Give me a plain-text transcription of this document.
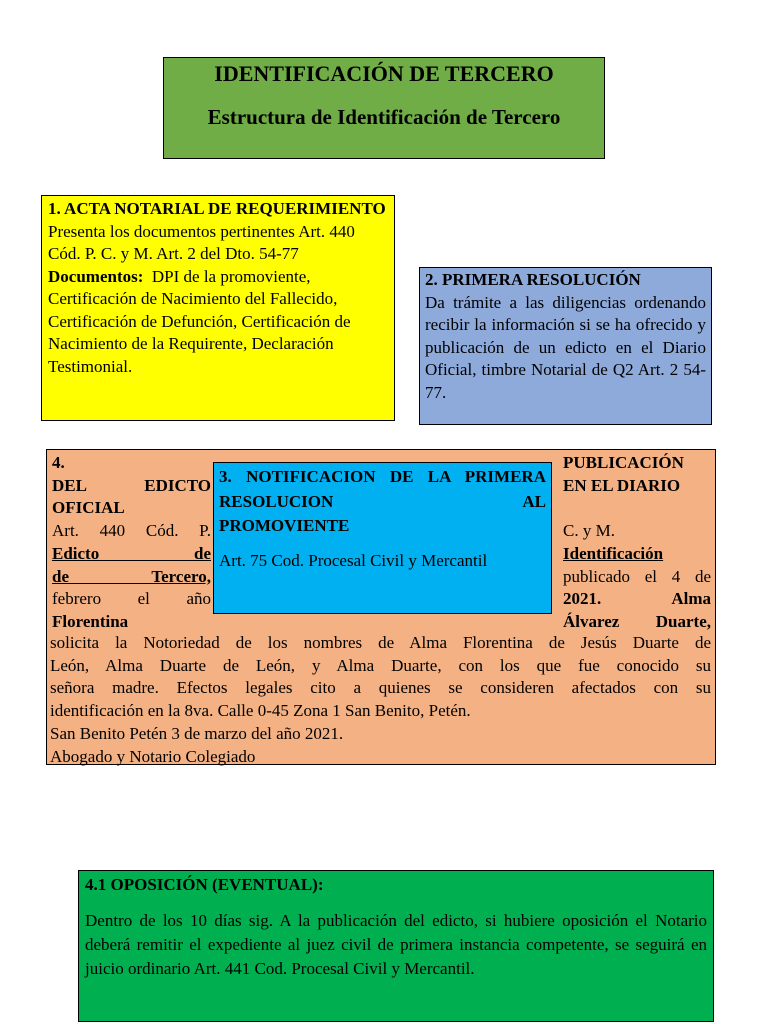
IDENTIFICACIÓN DE TERCERO

Estructura de Identificación de Tercero

1. ACTA NOTARIAL DE REQUERIMIENTO

Presenta los documentos pertinentes Art. 440 Cód. P. C. y M. Art. 2 del Dto. 54-77

Documentos: DPI de la promoviente, Certificación de Nacimiento del Fallecido, Certificación de Defunción, Certificación de Nacimiento de la Requirente, Declaración Testimonial.

2. PRIMERA RESOLUCIÓN

Da trámite a las diligencias ordenando recibir la información si se ha ofrecido y publicación de un edicto en el Diario Oficial, timbre Notarial de Q2 Art. 2 54-
77.

4.
DEL EDICTO
OFICIAL
Art. 440 Cód. P.
Edicto de
de Tercero,
febrero el año
Florentina
PUBLICACIÓN
EN EL DIARIO

C. y M.
Identificación
publicado el 4 de
2021. Alma
Álvarez Duarte,
solicita la Notoriedad de los nombres de Alma Florentina de Jesús Duarte de
León, Alma Duarte de León, y Alma Duarte, con los que fue conocido su
señora madre. Efectos legales cito a quienes se consideren afectados con su
identificación en la 8va. Calle 0-45 Zona 1 San Benito, Petén.
San Benito Petén 3 de marzo del año 2021.
Abogado y Notario Colegiado

3. NOTIFICACION DE LA PRIMERA RESOLUCION AL
PROMOVIENTE

Art. 75 Cod. Procesal Civil y Mercantil

4.1 OPOSICIÓN (EVENTUAL):

Dentro de los 10 días sig. A la publicación del edicto, si hubiere oposición el Notario deberá remitir el expediente al juez civil de primera instancia competente, se seguirá en juicio ordinario Art. 441 Cod. Procesal Civil y Mercantil.
